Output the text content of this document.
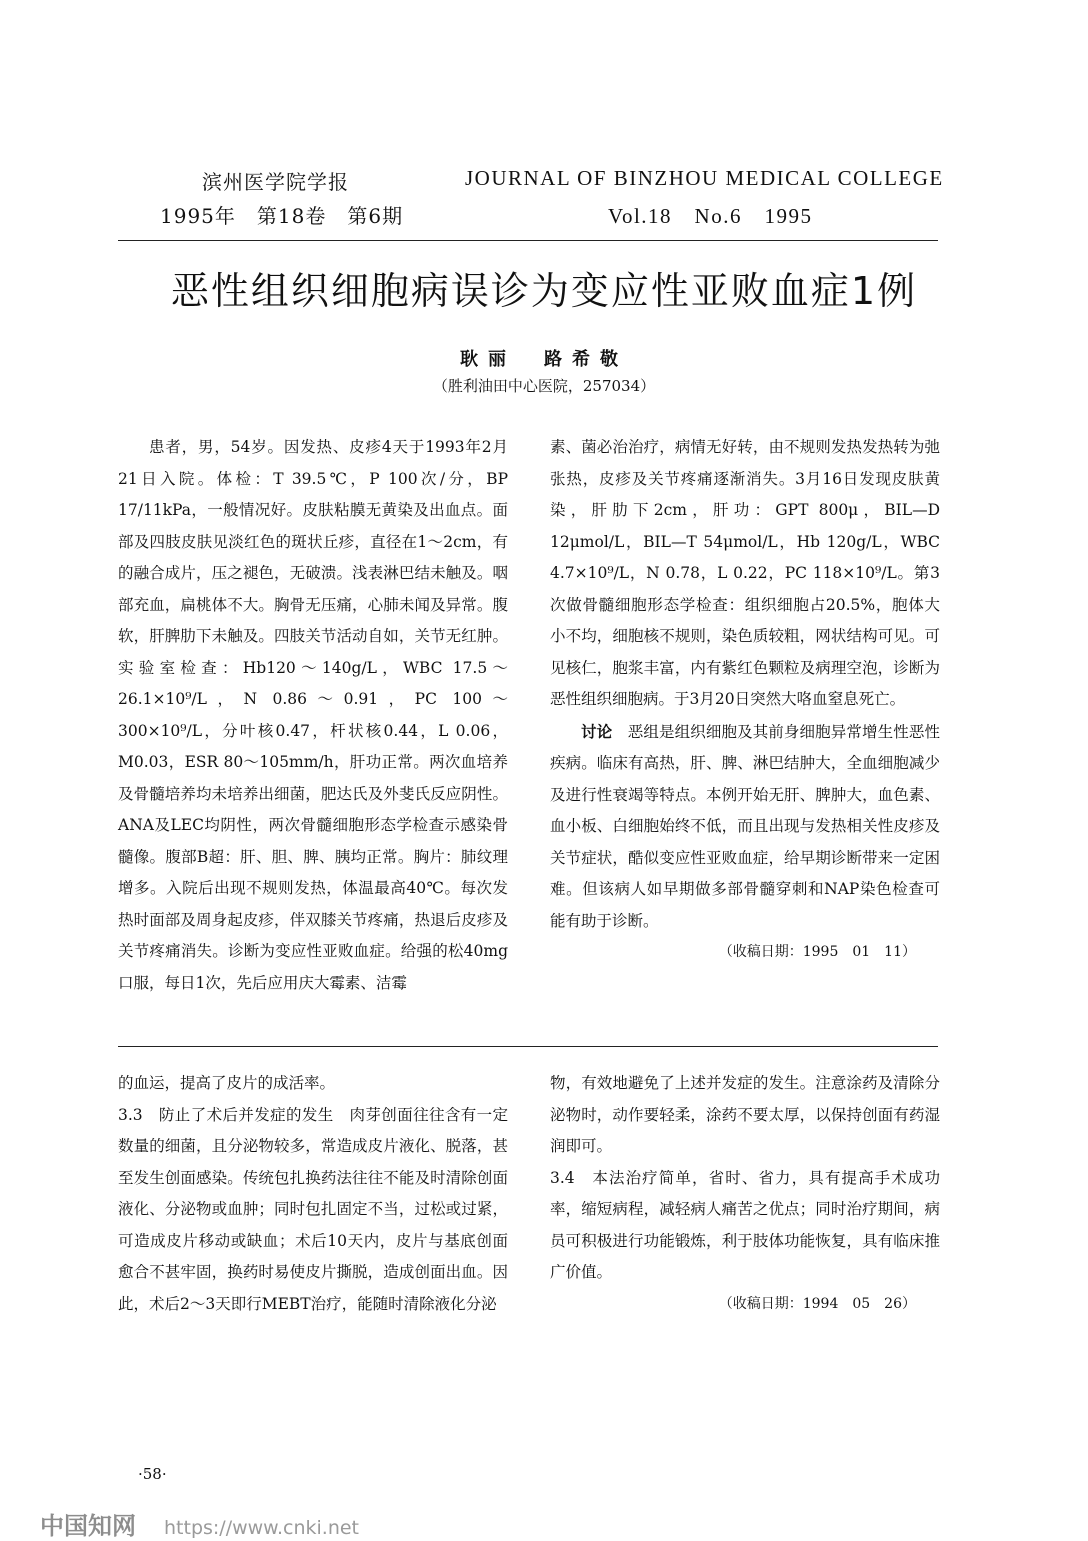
滨州医学院学报
1995年　第18卷　第6期
JOURNAL OF BINZHOU MEDICAL COLLEGE
Vol.18　No.6　1995
恶性组织细胞病误诊为变应性亚败血症1例
耿丽　路希敬
（胜利油田中心医院，257034）

患者，男，54岁。因发热、皮疹4天于1993年2月21日入院。体检：T 39.5℃，P 100次/分，BP 17/11kPa，一般情况好。皮肤粘膜无黄染及出血点。面部及四肢皮肤见淡红色的斑状丘疹，直径在1～2cm，有的融合成片，压之褪色，无破溃。浅表淋巴结未触及。咽部充血，扁桃体不大。胸骨无压痛，心肺未闻及异常。腹软，肝脾肋下未触及。四肢关节活动自如，关节无红肿。实验室检查：Hb120～140g/L，WBC 17.5～26.1×10⁹/L，N 0.86～0.91，PC 100～300×10⁹/L，分叶核0.47，杆状核0.44，L 0.06，M0.03，ESR 80～105mm/h，肝功正常。两次血培养及骨髓培养均未培养出细菌，肥达氏及外斐氏反应阴性。ANA及LEC均阴性，两次骨髓细胞形态学检查示感染骨髓像。腹部B超：肝、胆、脾、胰均正常。胸片：肺纹理增多。入院后出现不规则发热，体温最高40℃。每次发热时面部及周身起皮疹，伴双膝关节疼痛，热退后皮疹及关节疼痛消失。诊断为变应性亚败血症。给强的松40mg口服，每日1次，先后应用庆大霉素、洁霉

素、菌必治治疗，病情无好转，由不规则发热发热转为弛张热，皮疹及关节疼痛逐渐消失。3月16日发现皮肤黄染，肝肋下2cm，肝功：GPT 800μ，BIL—D 12μmol/L，BIL—T 54μmol/L，Hb 120g/L，WBC 4.7×10⁹/L，N 0.78，L 0.22，PC 118×10⁹/L。第3次做骨髓细胞形态学检查：组织细胞占20.5%，胞体大小不均，细胞核不规则，染色质较粗，网状结构可见。可见核仁，胞浆丰富，内有紫红色颗粒及病理空泡，诊断为恶性组织细胞病。于3月20日突然大咯血窒息死亡。

讨论 恶组是组织细胞及其前身细胞异常增生性恶性疾病。临床有高热，肝、脾、淋巴结肿大，全血细胞减少及进行性衰竭等特点。本例开始无肝、脾肿大，血色素、血小板、白细胞始终不低，而且出现与发热相关性皮疹及关节症状，酷似变应性亚败血症，给早期诊断带来一定困难。但该病人如早期做多部骨髓穿刺和NAP染色检查可能有助于诊断。

（收稿日期：1995　01　11）

的血运，提高了皮片的成活率。

3.3　防止了术后并发症的发生　肉芽创面往往含有一定数量的细菌，且分泌物较多，常造成皮片液化、脱落，甚至发生创面感染。传统包扎换药法往往不能及时清除创面液化、分泌物或血肿；同时包扎固定不当，过松或过紧，可造成皮片移动或缺血；术后10天内，皮片与基底创面愈合不甚牢固，换药时易使皮片撕脱，造成创面出血。因此，术后2～3天即行MEBT治疗，能随时清除液化分泌

物，有效地避免了上述并发症的发生。注意涂药及清除分泌物时，动作要轻柔，涂药不要太厚，以保持创面有药湿润即可。

3.4　本法治疗简单，省时、省力，具有提高手术成功率，缩短病程，减轻病人痛苦之优点；同时治疗期间，病员可积极进行功能锻炼，利于肢体功能恢复，具有临床推广价值。

（收稿日期：1994　05　26）

·58·
中国知网 https://www.cnki.net
